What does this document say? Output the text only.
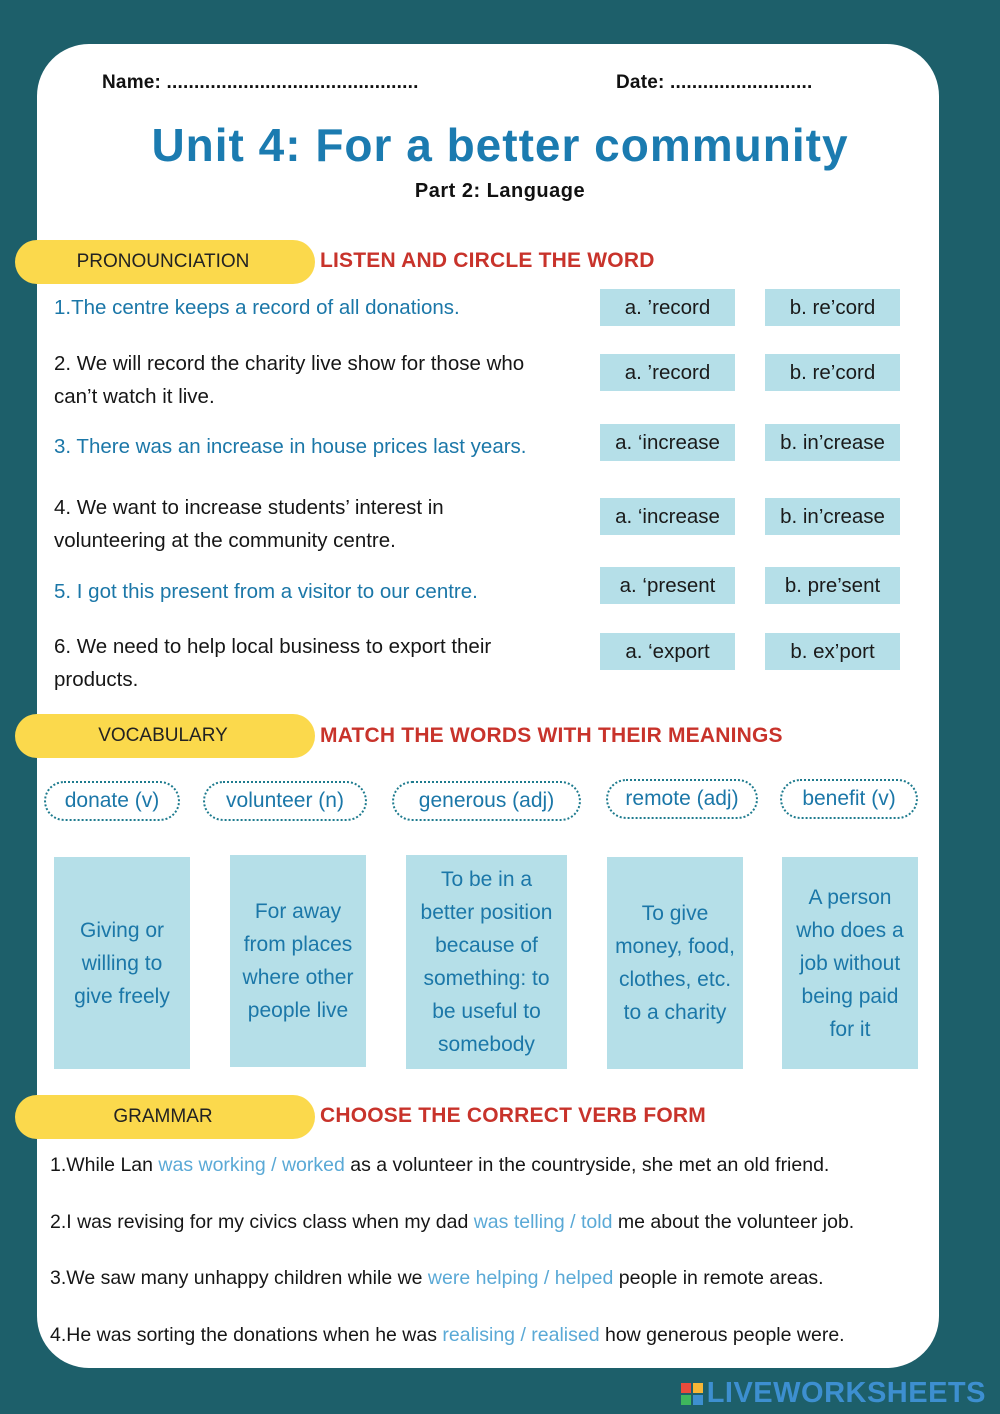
Name: ..............................................	Date: ..........................
Unit 4: For a better community
Part 2: Language
PRONOUNCIATION	LISTEN AND CIRCLE THE WORD
1.The centre keeps a record of all donations.	a. ’record	b. re’cord
2. We will record the charity live show for those who can’t watch it live.
a. ’record	b. re’cord
3. There was an increase in house prices last years.	a. ‘increase	b. in’crease
4. We want to increase students’ interest in volunteering at the community centre.
a. ‘increase	b. in’crease
5. I got this present from a visitor to our centre.	a. ‘present	b. pre’sent
6. We need to help local business to export their products.
a. ‘export	b. ex’port
VOCABULARY	MATCH THE WORDS WITH THEIR MEANINGS
donate (v)	volunteer (n)	generous (adj)	remote (adj)	benefit (v)
Giving or willing to give freely
For away from places where other people live
To be in a better position because of something: to be useful to somebody
To give money, food, clothes, etc. to a charity
A person who does a job without being paid for it
GRAMMAR	CHOOSE THE CORRECT VERB FORM
1.While Lan was working / worked as a volunteer in the countryside, she met an old friend.
2.I was revising for my civics class when my dad was telling / told me about the volunteer job.
3.We saw many unhappy children while we were helping / helped people in remote areas.
4.He was sorting the donations when he was realising / realised how generous people were.
LIVEWORKSHEETS
